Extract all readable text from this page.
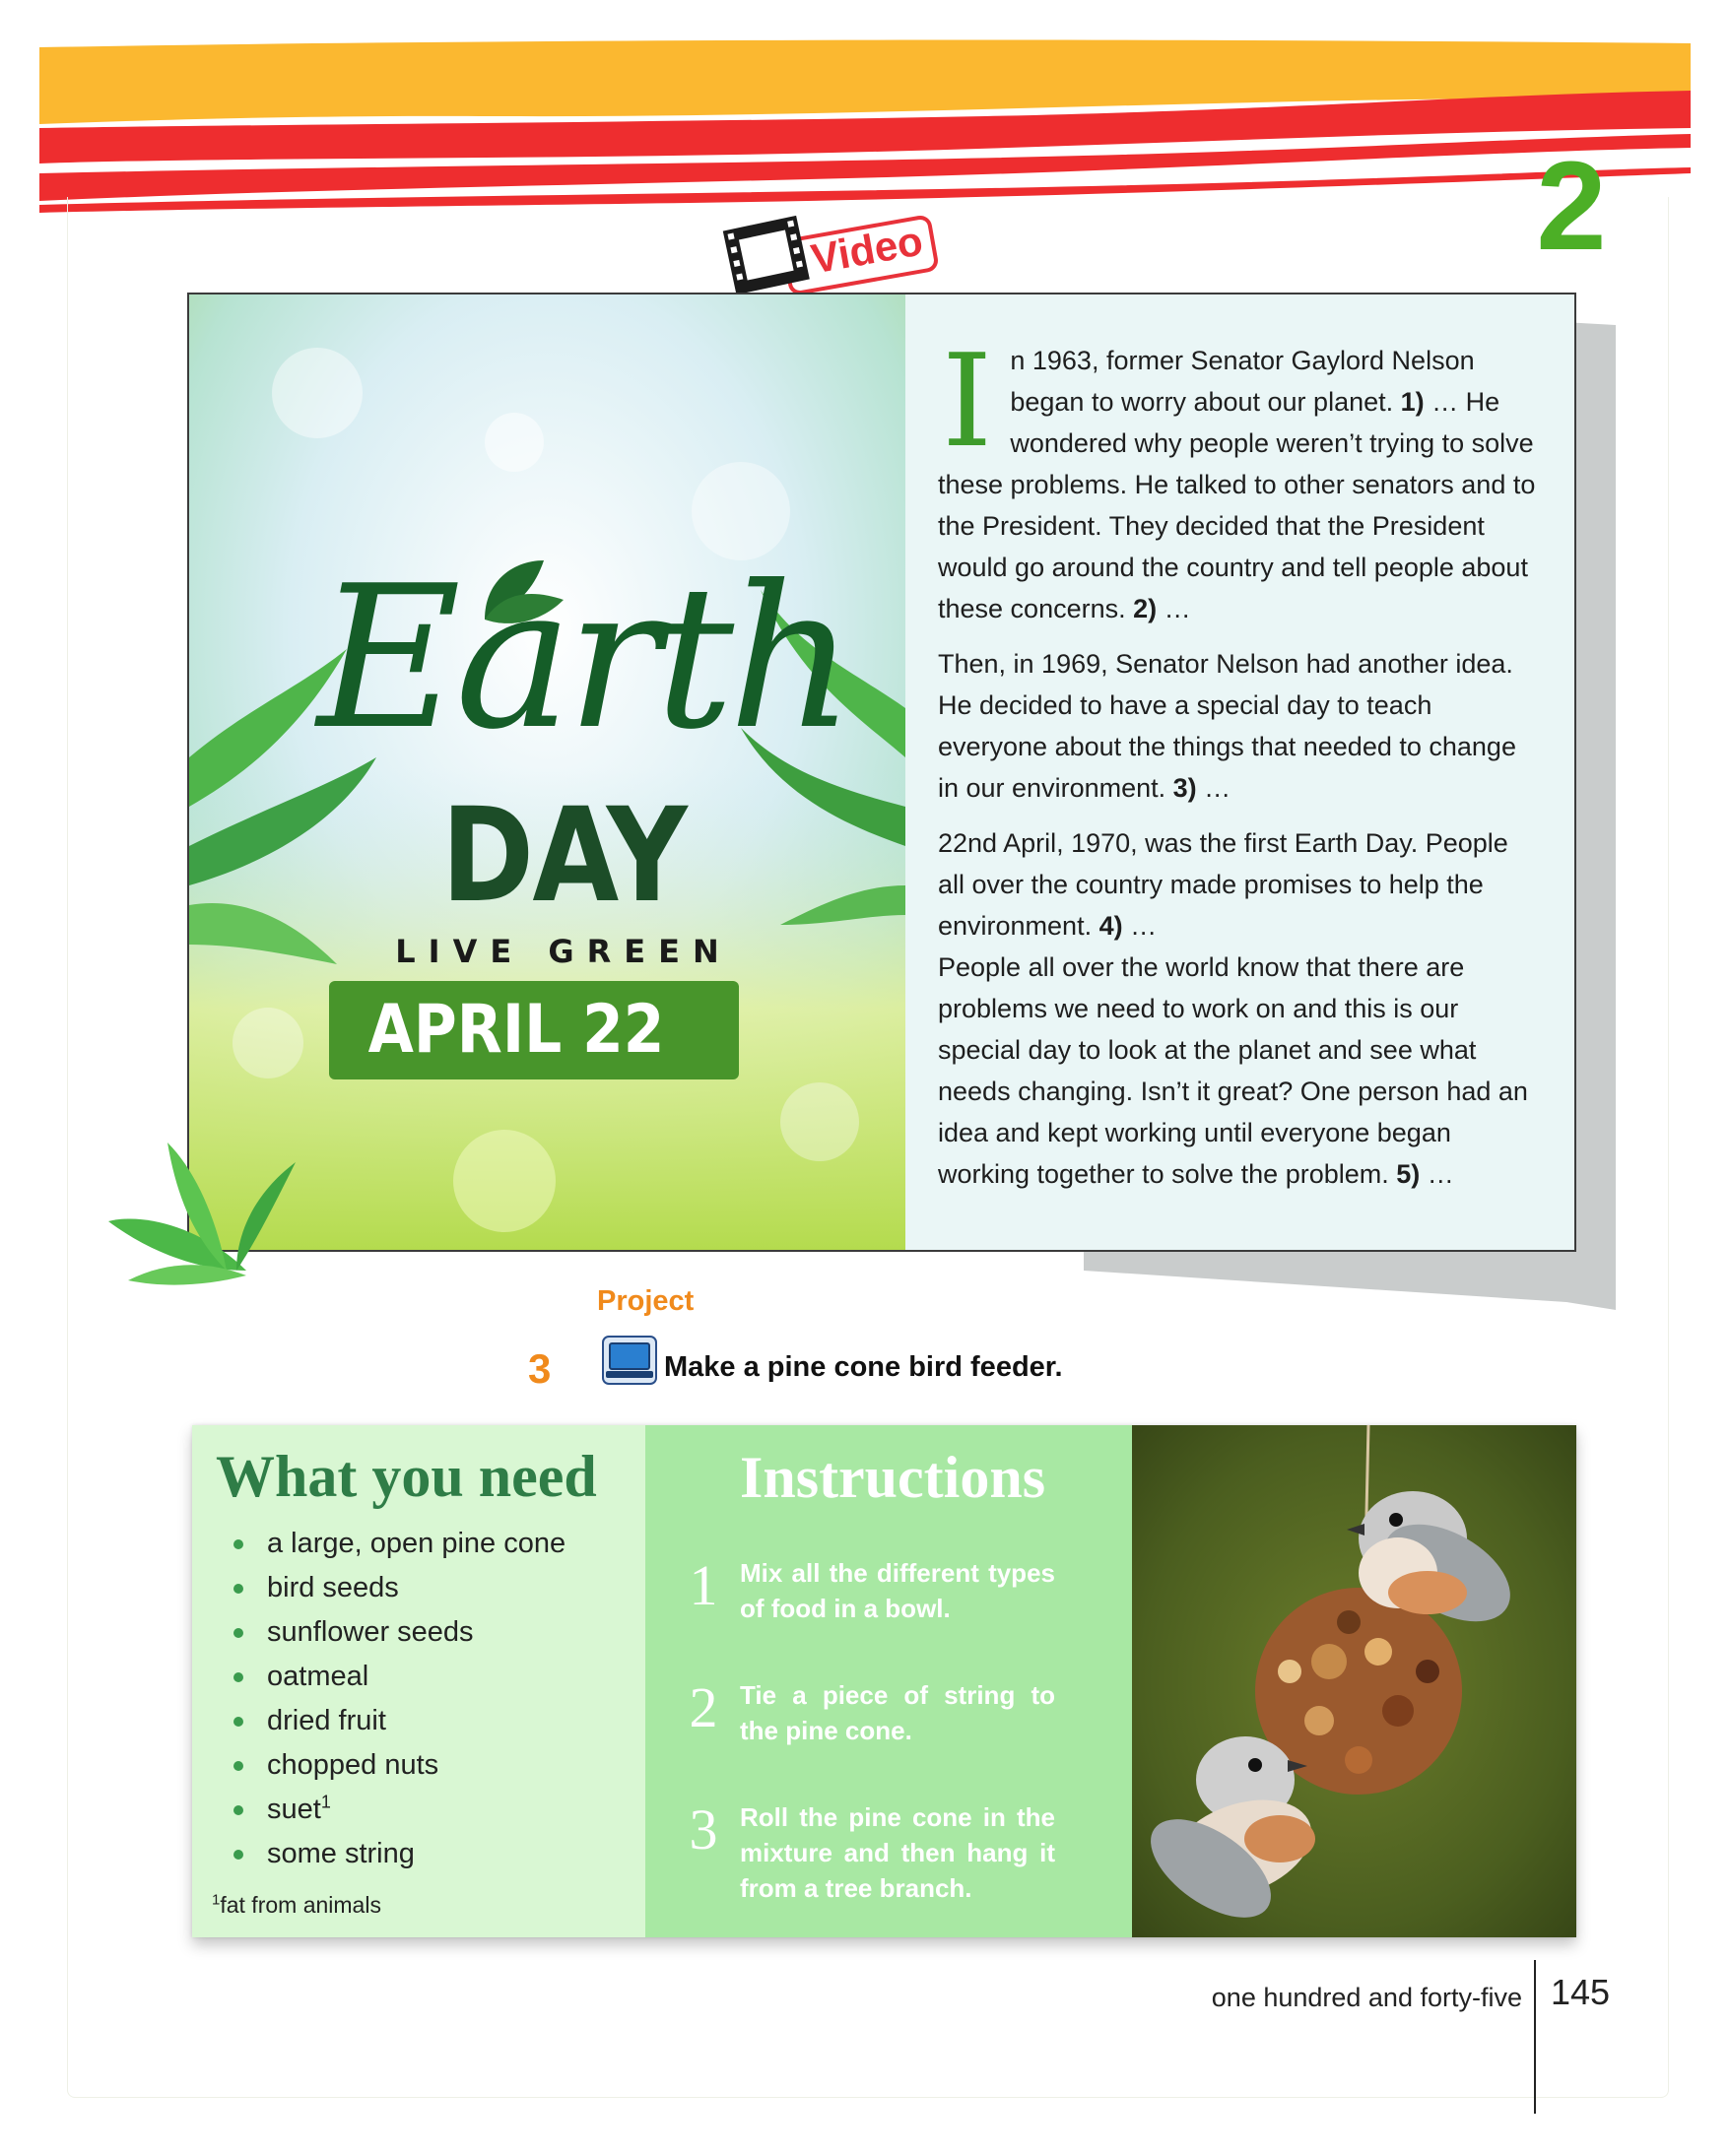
2
Video
Earth
DAY
LIVE GREEN
APRIL 22

I n 1963, former Senator Gaylord Nelson began to worry about our planet. 1) … He wondered why people weren’t trying to solve these problems. He talked to other senators and to the President. They decided that the President would go around the country and tell people about these concerns. 2) …

Then, in 1969, Senator Nelson had another idea. He decided to have a special day to teach everyone about the things that needed to change in our environment. 3) …

22nd April, 1970, was the first Earth Day. People all over the country made promises to help the environment. 4) …

People all over the world know that there are problems we need to work on and this is our special day to look at the planet and see what needs changing. Isn’t it great? One person had an idea and kept working until everyone began working together to solve the problem. 5) …

Project
3	Make a pine cone bird feeder.
What you need
a large, open pine cone
bird seeds
sunflower seeds
oatmeal
dried fruit
chopped nuts
suet$^1$
some string
$^1$fat from animals
Instructions
1 Mix all the different types of food in a bowl.
2 Tie a piece of string to the pine cone.
3 Roll the pine cone in the mixture and then hang it from a tree branch.
one hundred and forty-five 145
